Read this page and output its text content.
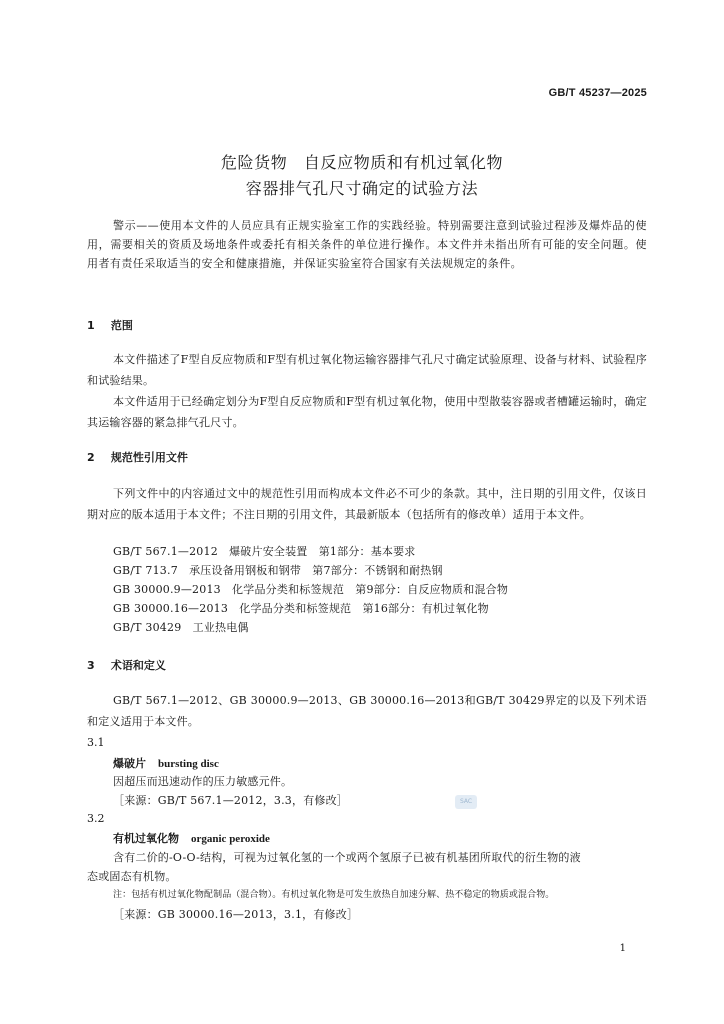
GB/T 45237—2025
危险货物　自反应物质和有机过氧化物
容器排气孔尺寸确定的试验方法
警示——使用本文件的人员应具有正规实验室工作的实践经验。特别需要注意到试验过程涉及爆炸品的使用，需要相关的资质及场地条件或委托有相关条件的单位进行操作。本文件并未指出所有可能的安全问题。使用者有责任采取适当的安全和健康措施，并保证实验室符合国家有关法规规定的条件。
1 范围
本文件描述了F型自反应物质和F型有机过氧化物运输容器排气孔尺寸确定试验原理、设备与材料、试验程序和试验结果。
本文件适用于已经确定划分为F型自反应物质和F型有机过氧化物，使用中型散装容器或者槽罐运输时，确定其运输容器的紧急排气孔尺寸。
2 规范性引用文件
下列文件中的内容通过文中的规范性引用而构成本文件必不可少的条款。其中，注日期的引用文件，仅该日期对应的版本适用于本文件；不注日期的引用文件，其最新版本（包括所有的修改单）适用于本文件。
GB/T 567.1—2012　爆破片安全装置　第1部分：基本要求
GB/T 713.7　承压设备用钢板和钢带　第7部分：不锈钢和耐热钢
GB 30000.9—2013　化学品分类和标签规范　第9部分：自反应物质和混合物
GB 30000.16—2013　化学品分类和标签规范　第16部分：有机过氧化物
GB/T 30429　工业热电偶
3 术语和定义
GB/T 567.1—2012、GB 30000.9—2013、GB 30000.16—2013和GB/T 30429界定的以及下列术语和定义适用于本文件。
3.1
爆破片 bursting disc
因超压而迅速动作的压力敏感元件。
［来源：GB/T 567.1—2012，3.3，有修改］	SAC
3.2
有机过氧化物 organic peroxide
含有二价的-O-O-结构，可视为过氧化氢的一个或两个氢原子已被有机基团所取代的衍生物的液
态或固态有机物。
注：包括有机过氧化物配制品（混合物）。有机过氧化物是可发生放热自加速分解、热不稳定的物质或混合物。
［来源：GB 30000.16—2013，3.1，有修改］
1
